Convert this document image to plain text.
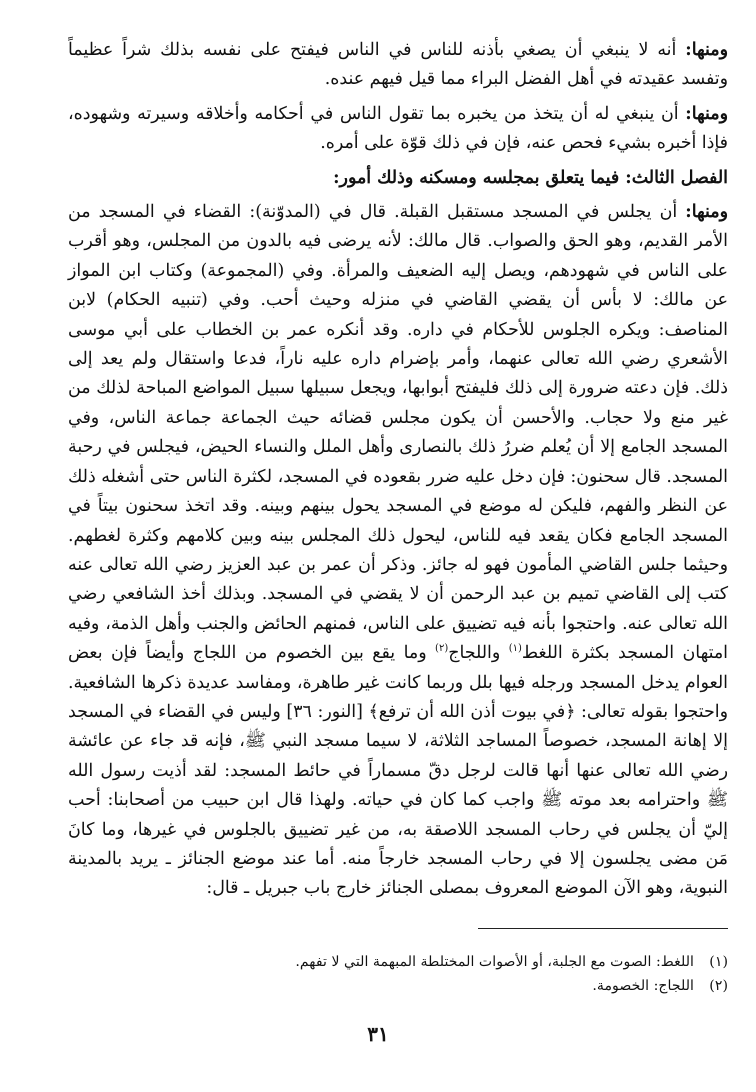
ومنها: أنه لا ينبغي أن يصغي بأذنه للناس في الناس فيفتح على نفسه بذلك شراً عظيماً وتفسد عقيدته في أهل الفضل البراء مما قيل فيهم عنده.

ومنها: أن ينبغي له أن يتخذ من يخبره بما تقول الناس في أحكامه وأخلاقه وسيرته وشهوده، فإذا أخبره بشيء فحص عنه، فإن في ذلك قوّة على أمره.

الفصل الثالث: فيما يتعلق بمجلسه ومسكنه وذلك أمور:

ومنها: أن يجلس في المسجد مستقبل القبلة. قال في (المدوّنة): القضاء في المسجد من الأمر القديم، وهو الحق والصواب. قال مالك: لأنه يرضى فيه بالدون من المجلس، وهو أقرب على الناس في شهودهم، ويصل إليه الضعيف والمرأة. وفي (المجموعة) وكتاب ابن المواز عن مالك: لا بأس أن يقضي القاضي في منزله وحيث أحب. وفي (تنبيه الحكام) لابن المناصف: ويكره الجلوس للأحكام في داره. وقد أنكره عمر بن الخطاب على أبي موسى الأشعري رضي الله تعالى عنهما، وأمر بإضرام داره عليه ناراً، فدعا واستقال ولم يعد إلى ذلك. فإن دعته ضرورة إلى ذلك فليفتح أبوابها، ويجعل سبيلها سبيل المواضع المباحة لذلك من غير منع ولا حجاب. والأحسن أن يكون مجلس قضائه حيث الجماعة جماعة الناس، وفي المسجد الجامع إلا أن يُعلم ضررُ ذلك بالنصارى وأهل الملل والنساء الحيض، فيجلس في رحبة المسجد. قال سحنون: فإن دخل عليه ضرر بقعوده في المسجد، لكثرة الناس حتى أشغله ذلك عن النظر والفهم، فليكن له موضع في المسجد يحول بينهم وبينه. وقد اتخذ سحنون بيتاً في المسجد الجامع فكان يقعد فيه للناس، ليحول ذلك المجلس بينه وبين كلامهم وكثرة لغطهم. وحيثما جلس القاضي المأمون فهو له جائز. وذكر أن عمر بن عبد العزيز رضي الله تعالى عنه كتب إلى القاضي تميم بن عبد الرحمن أن لا يقضي في المسجد. وبذلك أخذ الشافعي رضي الله تعالى عنه. واحتجوا بأنه فيه تضييق على الناس، فمنهم الحائض والجنب وأهل الذمة، وفيه امتهان المسجد بكثرة اللغط$^{(١)}$ واللجاج$^{(٢)}$ وما يقع بين الخصوم من اللجاج وأيضاً فإن بعض العوام يدخل المسجد ورجله فيها بلل وربما كانت غير طاهرة، ومفاسد عديدة ذكرها الشافعية. واحتجوا بقوله تعالى: ﴿في بيوت أذن الله أن ترفع﴾ [النور: ٣٦] وليس في القضاء في المسجد إلا إهانة المسجد، خصوصاً المساجد الثلاثة، لا سيما مسجد النبي ﷺ، فإنه قد جاء عن عائشة رضي الله تعالى عنها أنها قالت لرجل دقّ مسماراً في حائط المسجد: لقد أذيت رسول الله ﷺ واحترامه بعد موته ﷺ واجب كما كان في حياته. ولهذا قال ابن حبيب من أصحابنا: أحب إليّ أن يجلس في رحاب المسجد اللاصقة به، من غير تضييق بالجلوس في غيرها، وما كانَ مَن مضى يجلسون إلا في رحاب المسجد خارجاً منه. أما عند موضع الجنائز ـ يريد بالمدينة النبوية، وهو الآن الموضع المعروف بمصلى الجنائز خارج باب جبريل ـ قال:

(١)اللغط: الصوت مع الجلبة، أو الأصوات المختلطة المبهمة التي لا تفهم.

(٢)اللجاج: الخصومة.

٣١
